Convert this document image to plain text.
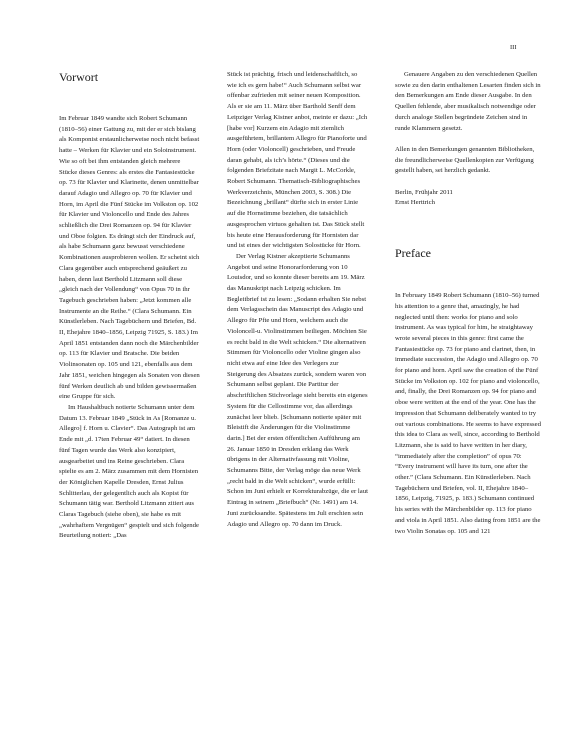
III
Vorwort

Im Februar 1849 wandte sich Robert Schumann (1810–56) einer Gattung zu, mit der er sich bislang als Komponist erstaunlicherweise noch nicht befasst hatte – Werken für Klavier und ein Soloinstrument. Wie so oft bei ihm entstanden gleich mehrere Stücke dieses Genres: als erstes die Fantasiestücke op. 73 für Klavier und Klarinette, denen unmittelbar darauf Adagio und Allegro op. 70 für Klavier und Horn, im April die Fünf Stücke im Volkston op. 102 für Klavier und Violoncello und Ende des Jahres schließlich die Drei Romanzen op. 94 für Klavier und Oboe folgten. Es drängt sich der Eindruck auf, als habe Schumann ganz bewusst verschiedene Kombinationen ausprobieren wollen. Er scheint sich Clara gegenüber auch entsprechend geäußert zu haben, denn laut Berthold Litzmann soll diese „gleich nach der Vollendung“ von Opus 70 in ihr Tagebuch geschrieben haben: „Jetzt kommen alle Instrumente an die Reihe.“ (Clara Schumann. Ein Künstlerleben. Nach Tagebüchern und Briefen, Bd. II, Ehejahre 1840–1856, Leipzig 71925, S. 183.) Im April 1851 entstanden dann noch die Märchenbilder op. 113 für Klavier und Bratsche. Die beiden Violinsonaten op. 105 und 121, ebenfalls aus dem Jahr 1851, weichen hingegen als Sonaten von diesen fünf Werken deutlich ab und bilden gewissermaßen eine Gruppe für sich.

Im Haushaltbuch notierte Schumann unter dem Datum 13. Februar 1849 „Stück in As [Romanze u. Allegro] f. Horn u. Clavier“. Das Autograph ist am Ende mit „d. 17ten Februar 49“ datiert. In diesen fünf Tagen wurde das Werk also konzipiert, ausgearbeitet und ins Reine geschrieben. Clara spielte es am 2. März zusammen mit dem Hornisten der Königlichen Kapelle Dresden, Ernst Julius Schlitterlau, der gelegentlich auch als Kopist für Schumann tätig war. Berthold Litzmann zitiert aus Claras Tagebuch (siehe oben), sie habe es mit „wahrhaftem Vergnügen“ gespielt und sich folgende Beurteilung notiert: „Das

Stück ist prächtig, frisch und leidenschaftlich, so wie ich es gern habe!“ Auch Schumann selbst war offenbar zufrieden mit seiner neuen Komposition. Als er sie am 11. März über Barthold Senff dem Leipziger Verlag Kistner anbot, meinte er dazu: „Ich [habe vor] Kurzem ein Adagio mit ziemlich ausgeführtem, brillantem Allegro für Pianoforte und Horn (oder Violoncell) geschrieben, und Freude daran gehabt, als ich’s hörte.“ (Dieses und die folgenden Briefzitate nach Margit L. McCorkle, Robert Schumann. Thematisch-Bibliographisches Werkverzeichnis, München 2003, S. 308.) Die Bezeichnung „brillant“ dürfte sich in erster Linie auf die Hornstimme beziehen, die tatsächlich ausgesprochen virtuos gehalten ist. Das Stück stellt bis heute eine Herausforderung für Hornisten dar und ist eines der wichtigsten Solostücke für Horn.

Der Verlag Kistner akzeptierte Schumanns Angebot und seine Honorarforderung von 10 Louisdor, und so konnte dieser bereits am 19. März das Manuskript nach Leipzig schicken. Im Begleitbrief ist zu lesen: „Sodann erhalten Sie nebst dem Verlagsschein das Manuscript des Adagio und Allegro für Pfte und Horn, welchem auch die Violoncell-u. Violinstimmen beiliegen. Möchten Sie es recht bald in die Welt schicken.“ Die alternativen Stimmen für Violoncello oder Violine gingen also nicht etwa auf eine Idee des Verlegers zur Steigerung des Absatzes zurück, sondern waren von Schumann selbst geplant. Die Partitur der abschriftlichen Stichvorlage sieht bereits ein eigenes System für die Cellostimme vor, das allerdings zunächst leer blieb. [Schumann notierte später mit Bleistift die Änderungen für die Violinstimme darin.] Bei der ersten öffentlichen Aufführung am 26. Januar 1850 in Dresden erklang das Werk übrigens in der Alternativfassung mit Violine, Schumanns Bitte, der Verlag möge das neue Werk „recht bald in die Welt schicken“, wurde erfüllt: Schon im Juni erhielt er Korrekturabzüge, die er laut Eintrag in seinem „Briefbuch“ (Nr. 1491) am 14. Juni zurücksandte. Spätestens im Juli erschien sein Adagio und Allegro op. 70 dann im Druck.

Genauere Angaben zu den verschiedenen Quellen sowie zu den darin enthaltenen Lesarten finden sich in den Bemerkungen am Ende dieser Ausgabe. In den Quellen fehlende, aber musikalisch notwendige oder durch analoge Stellen begründete Zeichen sind in runde Klammern gesetzt.

Allen in den Bemerkungen genannten Bibliotheken, die freundlicherweise Quellenkopien zur Verfügung gestellt haben, sei herzlich gedankt.

Berlin, Frühjahr 2011

Ernst Herttrich

Preface

In February 1849 Robert Schumann (1810–56) turned his attention to a genre that, amazingly, he had neglected until then: works for piano and solo instrument. As was typical for him, he straightaway wrote several pieces in this genre: first came the Fantasiestücke op. 73 for piano and clarinet, then, in immediate succession, the Adagio und Allegro op. 70 for piano and horn. April saw the creation of the Fünf Stücke im Volkston op. 102 for piano and violoncello, and, finally, the Drei Romanzen op. 94 for piano and oboe were written at the end of the year. One has the impression that Schumann deliberately wanted to try out various combinations. He seems to have expressed this idea to Clara as well, since, according to Berthold Litzmann, she is said to have written in her diary, “immediately after the completion” of opus 70: “Every instrument will have its turn, one after the other.” (Clara Schumann. Ein Künstlerleben. Nach Tagebüchern und Briefen, vol. II, Ehejahre 1840–1856, Leipzig, 71925, p. 183.) Schumann continued his series with the Märchenbilder op. 113 for piano and viola in April 1851. Also dating from 1851 are the two Violin Sonatas op. 105 and 121
